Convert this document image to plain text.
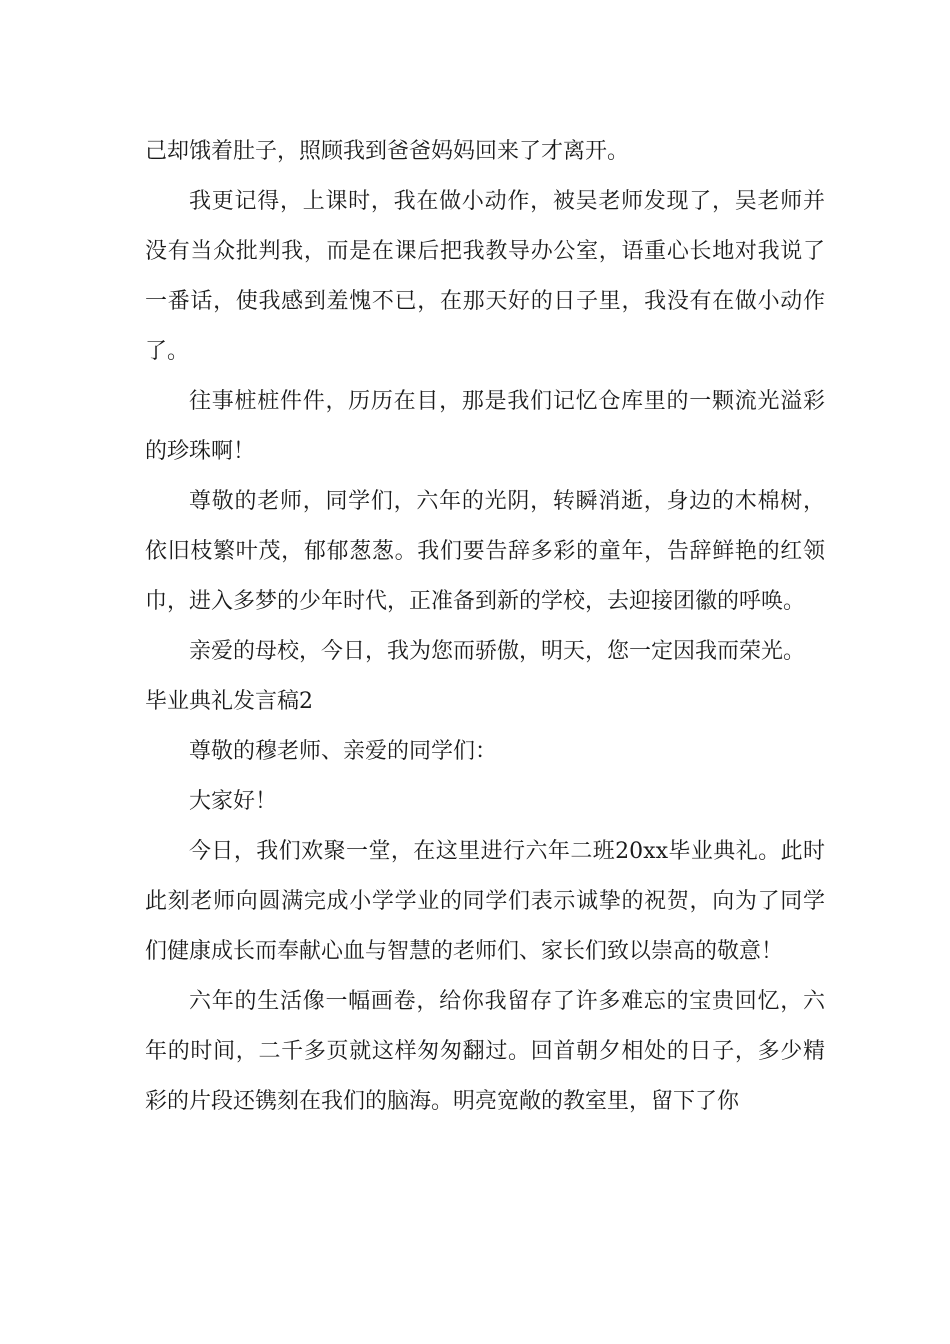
己却饿着肚子，照顾我到爸爸妈妈回来了才离开。

我更记得，上课时，我在做小动作，被吴老师发现了，吴老师并没有当众批判我，而是在课后把我教导办公室，语重心长地对我说了一番话，使我感到羞愧不已，在那天好的日子里，我没有在做小动作了。

往事桩桩件件，历历在目，那是我们记忆仓库里的一颗流光溢彩的珍珠啊！

尊敬的老师，同学们，六年的光阴，转瞬消逝，身边的木棉树，依旧枝繁叶茂，郁郁葱葱。我们要告辞多彩的童年，告辞鲜艳的红领巾，进入多梦的少年时代，正准备到新的学校，去迎接团徽的呼唤。

亲爱的母校，今日，我为您而骄傲，明天，您一定因我而荣光。

毕业典礼发言稿2

尊敬的穆老师、亲爱的同学们：

大家好！

今日，我们欢聚一堂，在这里进行六年二班20xx毕业典礼。此时此刻老师向圆满完成小学学业的同学们表示诚挚的祝贺，向为了同学们健康成长而奉献心血与智慧的老师们、家长们致以崇高的敬意！

六年的生活像一幅画卷，给你我留存了许多难忘的宝贵回忆，六年的时间，二千多页就这样匆匆翻过。回首朝夕相处的日子，多少精彩的片段还镌刻在我们的脑海。明亮宽敞的教室里，留下了你
